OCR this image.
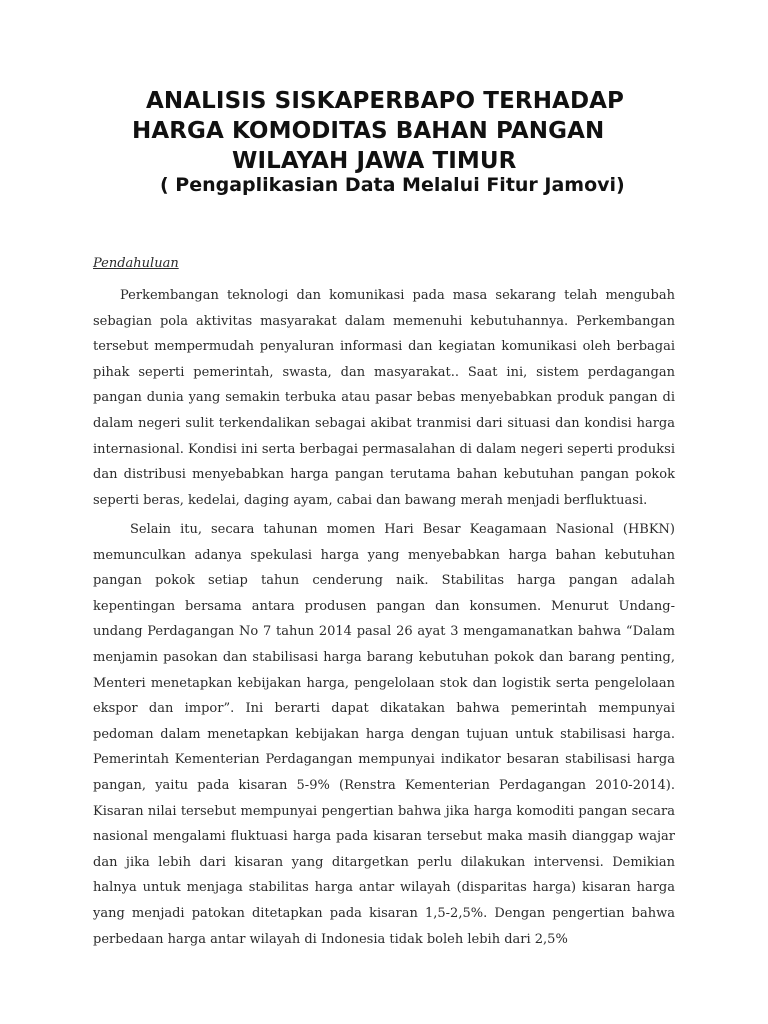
ANALISIS SISKAPERBAPO TERHADAP
HARGA KOMODITAS BAHAN PANGAN
WILAYAH JAWA TIMUR
( Pengaplikasian Data Melalui Fitur Jamovi)
Pendahuluan

Perkembangan teknologi dan komunikasi pada masa sekarang telah mengubah sebagian pola aktivitas masyarakat dalam memenuhi kebutuhannya. Perkembangan tersebut mempermudah penyaluran informasi dan kegiatan komunikasi oleh berbagai pihak seperti pemerintah, swasta, dan masyarakat.. Saat ini, sistem perdagangan pangan dunia yang semakin terbuka atau pasar bebas menyebabkan produk pangan di dalam negeri sulit terkendalikan sebagai akibat tranmisi dari situasi dan kondisi harga internasional. Kondisi ini serta berbagai permasalahan di dalam negeri seperti produksi dan distribusi menyebabkan harga pangan terutama bahan kebutuhan pangan pokok seperti beras, kedelai, daging ayam, cabai dan bawang merah menjadi berfluktuasi.

Selain itu, secara tahunan momen Hari Besar Keagamaan Nasional (HBKN) memunculkan adanya spekulasi harga yang menyebabkan harga bahan kebutuhan pangan pokok setiap tahun cenderung naik. Stabilitas harga pangan adalah kepentingan bersama antara produsen pangan dan konsumen. Menurut Undang-undang Perdagangan No 7 tahun 2014 pasal 26 ayat 3 mengamanatkan bahwa “Dalam menjamin pasokan dan stabilisasi harga barang kebutuhan pokok dan barang penting, Menteri menetapkan kebijakan harga, pengelolaan stok dan logistik serta pengelolaan ekspor dan impor”. Ini berarti dapat dikatakan bahwa pemerintah mempunyai pedoman dalam menetapkan kebijakan harga dengan tujuan untuk stabilisasi harga. Pemerintah Kementerian Perdagangan mempunyai indikator besaran stabilisasi harga pangan, yaitu pada kisaran 5-9% (Renstra Kementerian Perdagangan 2010-2014). Kisaran nilai tersebut mempunyai pengertian bahwa jika harga komoditi pangan secara nasional mengalami fluktuasi harga pada kisaran tersebut maka masih dianggap wajar dan jika lebih dari kisaran yang ditargetkan perlu dilakukan intervensi. Demikian halnya untuk menjaga stabilitas harga antar wilayah (disparitas harga) kisaran harga yang menjadi patokan ditetapkan pada kisaran 1,5-2,5%. Dengan pengertian bahwa perbedaan harga antar wilayah di Indonesia tidak boleh lebih dari 2,5%
